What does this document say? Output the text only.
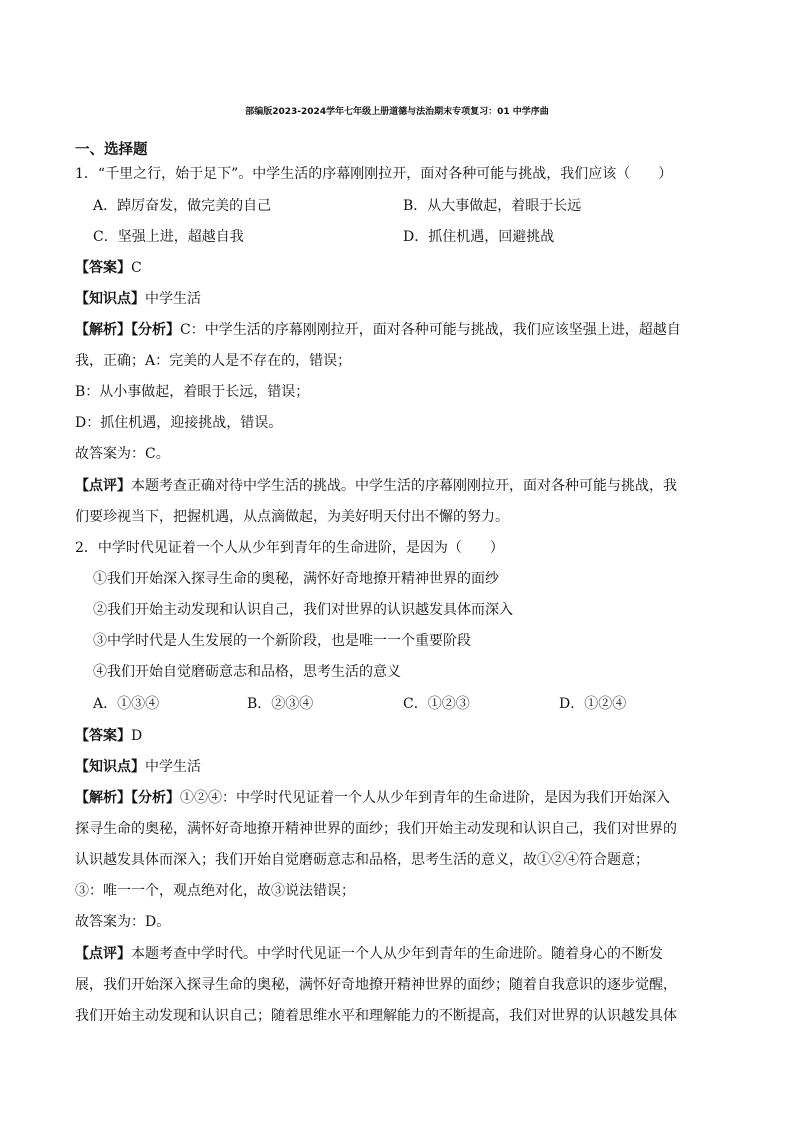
部编版2023-2024学年七年级上册道德与法治期末专项复习：01 中学序曲
一、选择题
1．“千里之行，始于足下”。中学生活的序幕刚刚拉开，面对各种可能与挑战，我们应该（　　）
A．踔厉奋发，做完美的自己	B．从大事做起，着眼于长远
C．坚强上进，超越自我	D．抓住机遇，回避挑战
【答案】C
【知识点】中学生活
【解析】【分析】C：中学生活的序幕刚刚拉开，面对各种可能与挑战，我们应该坚强上进，超越自
我，正确；A：完美的人是不存在的，错误；
B：从小事做起，着眼于长远，错误；
D：抓住机遇，迎接挑战，错误。
故答案为：C。
【点评】本题考查正确对待中学生活的挑战。中学生活的序幕刚刚拉开，面对各种可能与挑战，我
们要珍视当下，把握机遇，从点滴做起，为美好明天付出不懈的努力。
2．中学时代见证着一个人从少年到青年的生命进阶，是因为（　　）
①我们开始深入探寻生命的奥秘，满怀好奇地撩开精神世界的面纱
②我们开始主动发现和认识自己，我们对世界的认识越发具体而深入
③中学时代是人生发展的一个新阶段，也是唯一一个重要阶段
④我们开始自觉磨砺意志和品格，思考生活的意义
A．①③④	B．②③④	C．①②③	D．①②④
【答案】D
【知识点】中学生活
【解析】【分析】①②④：中学时代见证着一个人从少年到青年的生命进阶，是因为我们开始深入
探寻生命的奥秘，满怀好奇地撩开精神世界的面纱；我们开始主动发现和认识自己，我们对世界的
认识越发具体而深入；我们开始自觉磨砺意志和品格，思考生活的意义，故①②④符合题意；
③：唯一一个，观点绝对化，故③说法错误；
故答案为：D。
【点评】本题考查中学时代。中学时代见证一个人从少年到青年的生命进阶。随着身心的不断发
展，我们开始深入探寻生命的奥秘，满怀好奇地撩开精神世界的面纱；随着自我意识的逐步觉醒，
我们开始主动发现和认识自己；随着思维水平和理解能力的不断提高，我们对世界的认识越发具体
